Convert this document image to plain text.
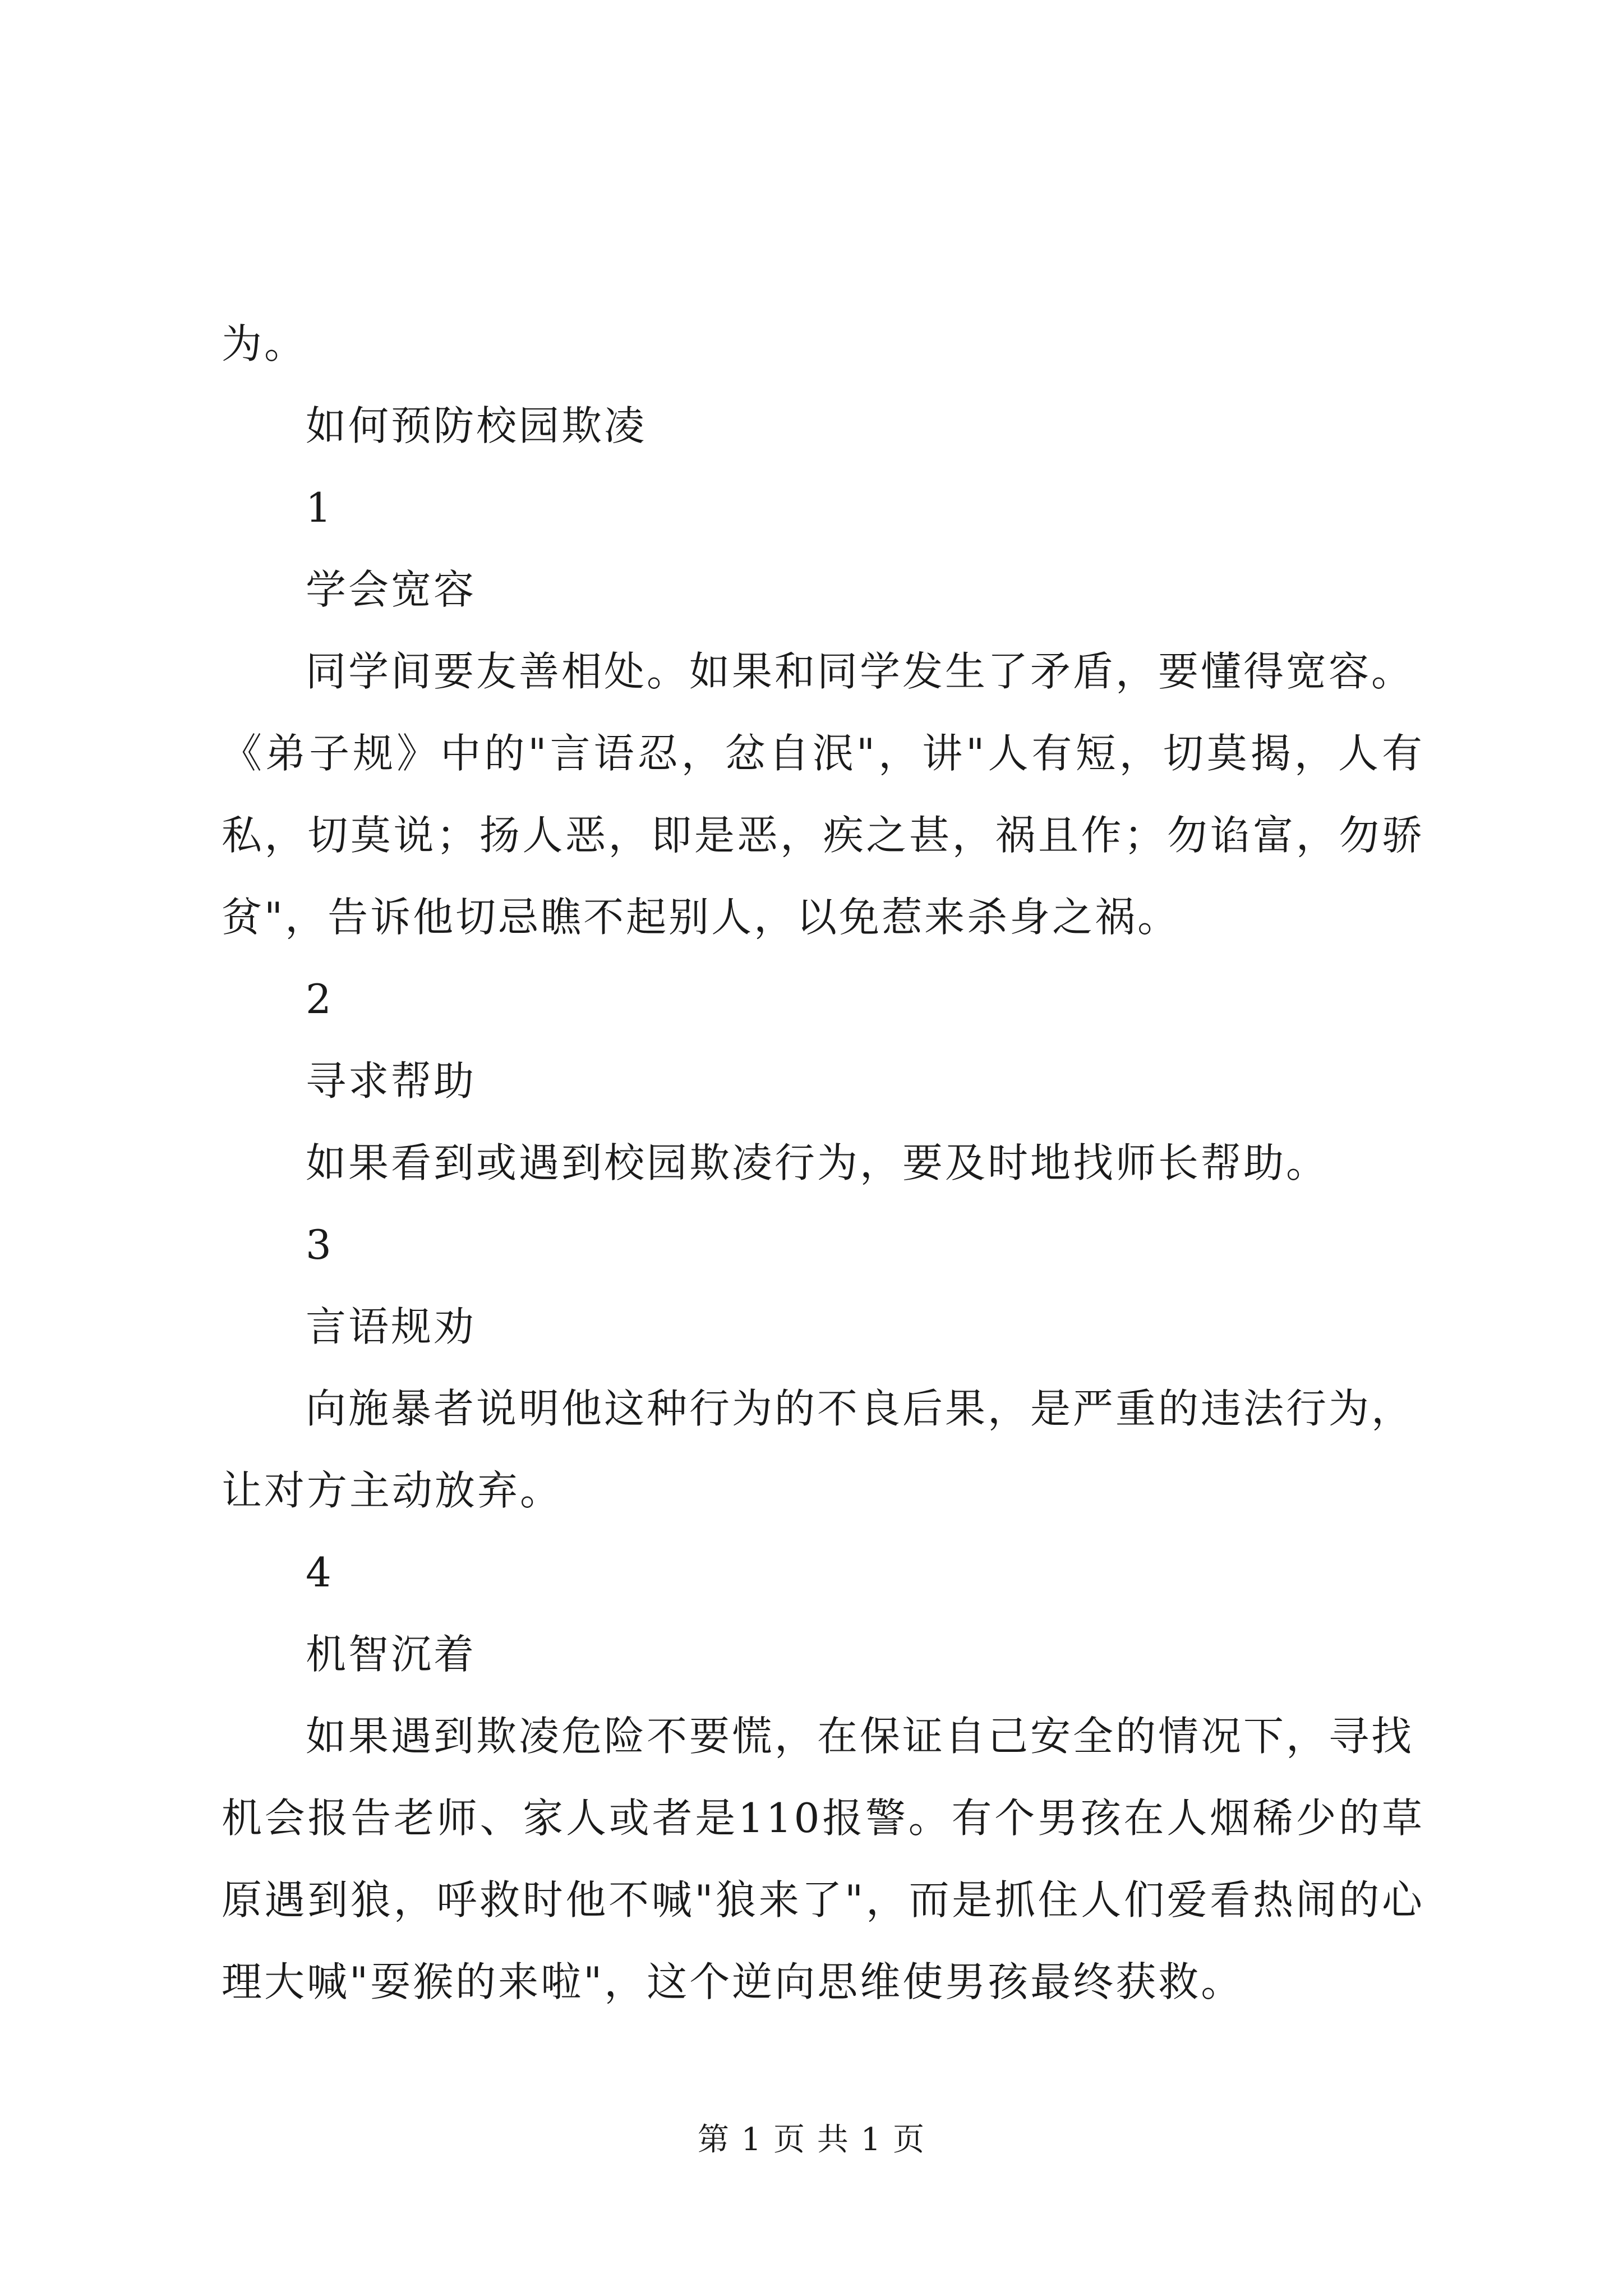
为。

如何预防校园欺凌

1

学会宽容

同学间要友善相处。如果和同学发生了矛盾，要懂得宽容。

《弟子规》中的"言语忍，忿自泯"，讲"人有短，切莫揭，人有

私，切莫说；扬人恶，即是恶，疾之甚，祸且作；勿谄富，勿骄

贫"，告诉他切忌瞧不起别人，以免惹来杀身之祸。

2

寻求帮助

如果看到或遇到校园欺凌行为，要及时地找师长帮助。

3

言语规劝

向施暴者说明他这种行为的不良后果，是严重的违法行为，

让对方主动放弃。

4

机智沉着

如果遇到欺凌危险不要慌，在保证自己安全的情况下，寻找

机会报告老师、家人或者是110报警。有个男孩在人烟稀少的草

原遇到狼，呼救时他不喊"狼来了"，而是抓住人们爱看热闹的心

理大喊"耍猴的来啦"，这个逆向思维使男孩最终获救。

第 1 页 共 1 页
